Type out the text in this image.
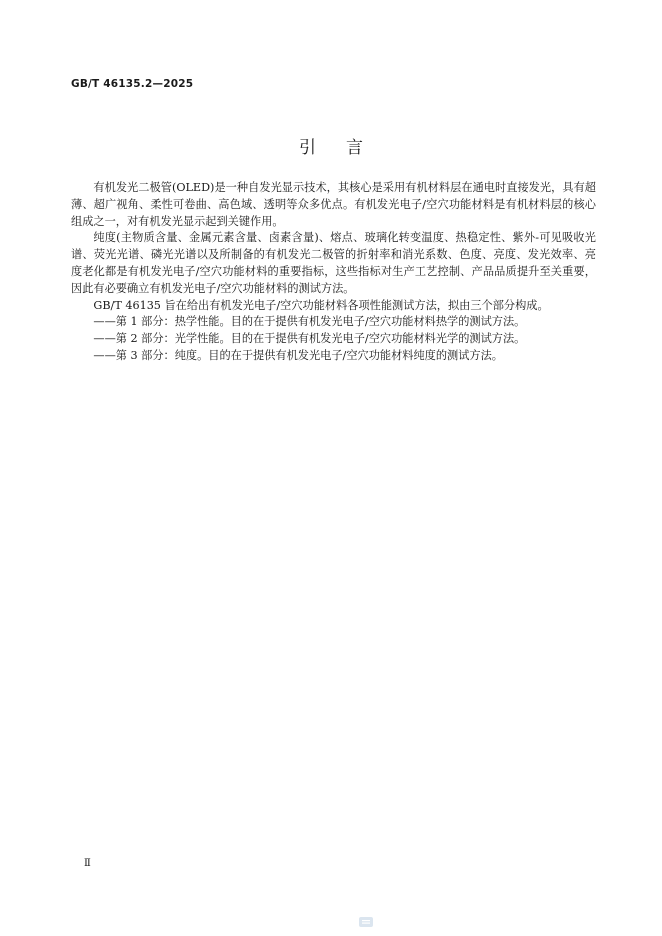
GB/T 46135.2—2025
引言

有机发光二极管(OLED)是一种自发光显示技术，其核心是采用有机材料层在通电时直接发光，具有超薄、超广视角、柔性可卷曲、高色域、透明等众多优点。有机发光电子/空穴功能材料是有机材料层的核心组成之一，对有机发光显示起到关键作用。

纯度(主物质含量、金属元素含量、卤素含量)、熔点、玻璃化转变温度、热稳定性、紫外-可见吸收光谱、荧光光谱、磷光光谱以及所制备的有机发光二极管的折射率和消光系数、色度、亮度、发光效率、亮度老化都是有机发光电子/空穴功能材料的重要指标，这些指标对生产工艺控制、产品品质提升至关重要，因此有必要确立有机发光电子/空穴功能材料的测试方法。

GB/T 46135 旨在给出有机发光电子/空穴功能材料各项性能测试方法，拟由三个部分构成。

——第 1 部分：热学性能。目的在于提供有机发光电子/空穴功能材料热学的测试方法。

——第 2 部分：光学性能。目的在于提供有机发光电子/空穴功能材料光学的测试方法。

——第 3 部分：纯度。目的在于提供有机发光电子/空穴功能材料纯度的测试方法。

Ⅱ
